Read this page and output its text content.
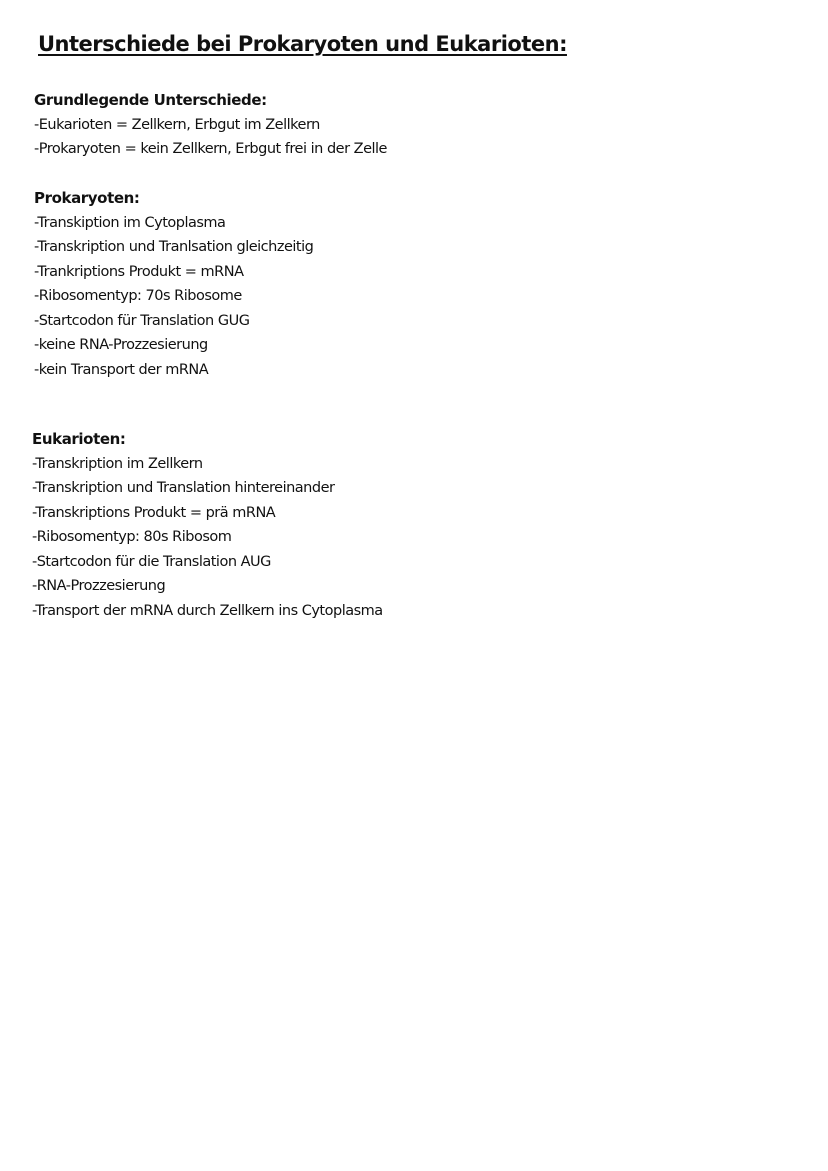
Unterschiede bei Prokaryoten und Eukarioten:
Grundlegende Unterschiede:
-Eukarioten = Zellkern, Erbgut im Zellkern
-Prokaryoten = kein Zellkern, Erbgut frei in der Zelle
Prokaryoten:
-Transkiption im Cytoplasma
-Transkription und Tranlsation gleichzeitig
-Trankriptions Produkt = mRNA
-Ribosomentyp: 70s Ribosome
-Startcodon für Translation GUG
-keine RNA-Prozzesierung
-kein Transport der mRNA
Eukarioten:
-Transkription im Zellkern
-Transkription und Translation hintereinander
-Transkriptions Produkt = prä mRNA
-Ribosomentyp: 80s Ribosom
-Startcodon für die Translation AUG
-RNA-Prozzesierung
-Transport der mRNA durch Zellkern ins Cytoplasma
